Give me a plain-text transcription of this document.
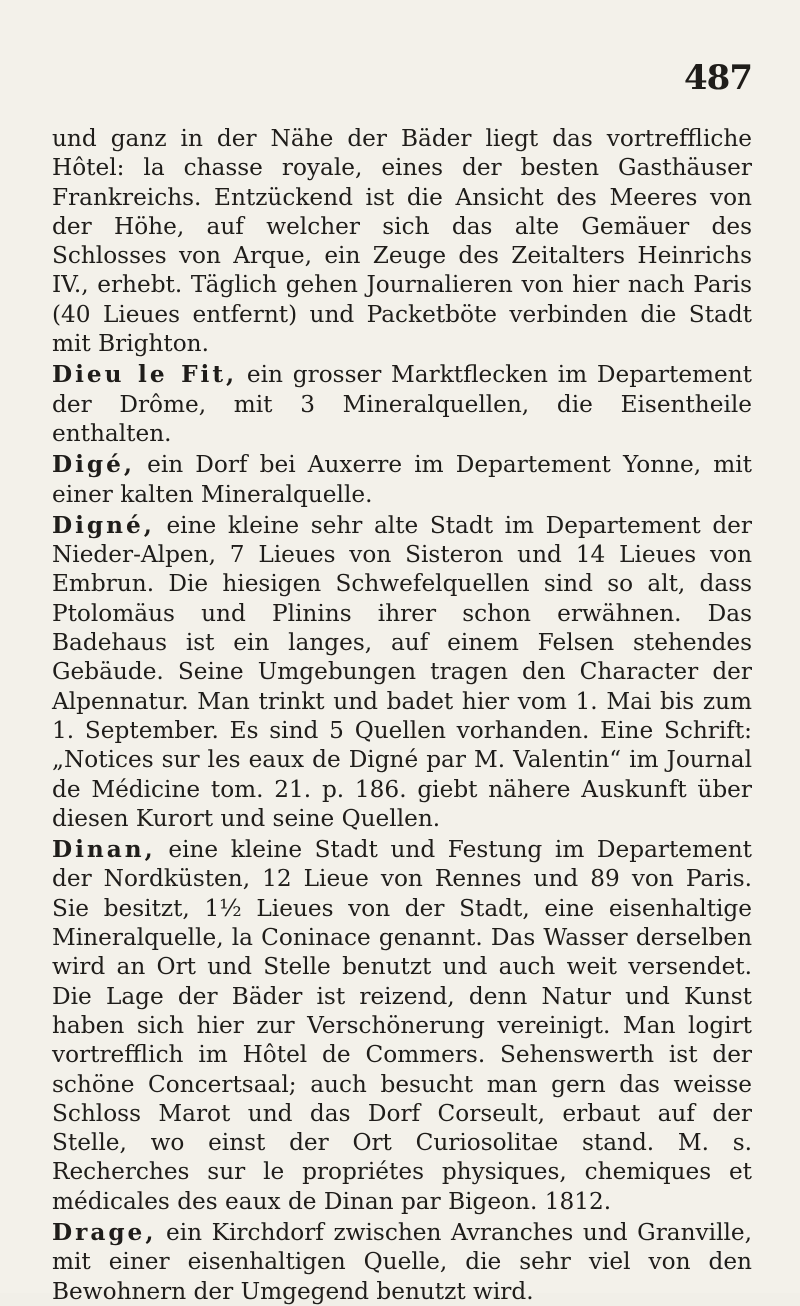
487

und ganz in der Nähe der Bäder liegt das vortreffliche Hôtel: la chasse royale, eines der besten Gasthäuser Frankreichs. Entzückend ist die Ansicht des Meeres von der Höhe, auf welcher sich das alte Gemäuer des Schlosses von Arque, ein Zeuge des Zeitalters Heinrichs IV., erhebt. Täglich gehen Journalieren von hier nach Paris (40 Lieues entfernt) und Packetböte verbinden die Stadt mit Brighton.

Dieu le Fit, ein grosser Marktflecken im Departement der Drôme, mit 3 Mineralquellen, die Eisentheile enthalten.

Digé, ein Dorf bei Auxerre im Departement Yonne, mit einer kalten Mineralquelle.

Digné, eine kleine sehr alte Stadt im Departement der Nieder-Alpen, 7 Lieues von Sisteron und 14 Lieues von Embrun. Die hiesigen Schwefelquellen sind so alt, dass Ptolomäus und Plinins ihrer schon erwähnen. Das Badehaus ist ein langes, auf einem Felsen stehendes Gebäude. Seine Umgebungen tragen den Character der Alpennatur. Man trinkt und badet hier vom 1. Mai bis zum 1. September. Es sind 5 Quellen vorhanden. Eine Schrift: „Notices sur les eaux de Digné par M. Valentin“ im Journal de Médicine tom. 21. p. 186. giebt nähere Auskunft über diesen Kurort und seine Quellen.

Dinan, eine kleine Stadt und Festung im Departement der Nordküsten, 12 Lieue von Rennes und 89 von Paris. Sie besitzt, 1½ Lieues von der Stadt, eine eisenhaltige Mineralquelle, la Coninace genannt. Das Wasser derselben wird an Ort und Stelle benutzt und auch weit versendet. Die Lage der Bäder ist reizend, denn Natur und Kunst haben sich hier zur Verschönerung vereinigt. Man logirt vortrefflich im Hôtel de Commers. Sehenswerth ist der schöne Concertsaal; auch besucht man gern das weisse Schloss Marot und das Dorf Corseult, erbaut auf der Stelle, wo einst der Ort Curiosolitae stand. M. s. Recherches sur le propriétes physiques, chemiques et médicales des eaux de Dinan par Bigeon. 1812.

Drage, ein Kirchdorf zwischen Avranches und Granville, mit einer eisenhaltigen Quelle, die sehr viel von den Bewohnern der Umgegend benutzt wird.
